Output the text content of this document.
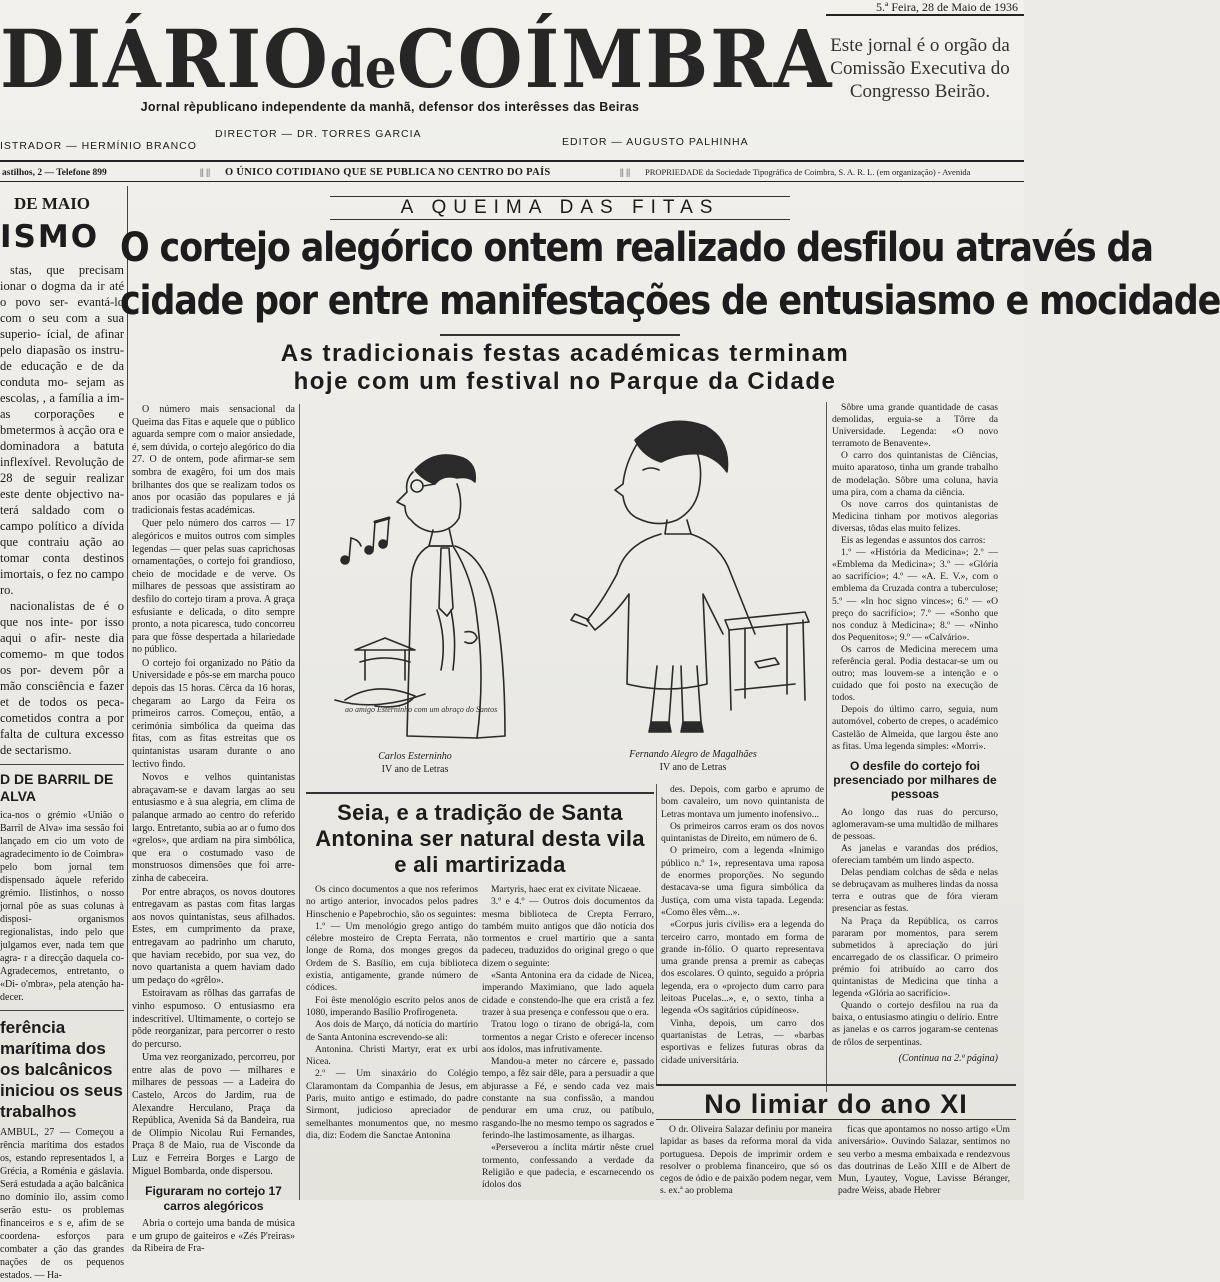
5.ª Feira, 28 de Maio de 1936
DIÁRIOdeCOÍMBRA
Este jornal é o orgão da Comissão Executiva do Congresso Beirão.
Jornal rèpublicano independente da manhã, defensor dos interêsses das Beiras
DIRECTOR — DR. TORRES GARCIA
ISTRADOR — HERMÍNIO BRANCO	EDITOR — AUGUSTO PALHINHA
astilhos, 2 — Telefone 899	|| || O ÚNICO COTIDIANO QUE SE PUBLICA NO CENTRO DO PAÍS	|| || PROPRIEDADE da Sociedade Tipográfica de Coimbra, S. A. R. L. (em organização) - Avenida
DE MAIO
ISMO

stas, que precisam ionar o dogma da ir até o povo ser- evantá-lo com o seu com a sua superio- ícial, de afinar pelo diapasão os instru- de educação e de da conduta mo- sejam as escolas, , a família a im- as corporações e bmetermos à acção ora e dominadora a batuta inflexível. Revolução de 28 de seguir realizar este dente objectivo na- terá saldado com o campo político a dívida que contraiu ação ao tomar conta destinos imortais, o fez no campo ro.

nacionalistas de é o que nos inte- por isso aqui o afir- neste dia comemo- m que todos os por- devem pôr a mão consciência e fazer et de todos os peca- cometidos contra a por falta de cultura excesso de sectarismo.

D DE BARRIL DE ALVA
ica-nos o grémio «União o Barril de Alva» ima sessão foi lançado em cio um voto de agradecimento io de Coimbra» pelo bom jornal tem dispensado àquele referido grémio. Ilistinhos, o nosso jornal pôe as suas colunas à disposi- organismos regionalistas, indo pelo que julgamos ever, nada tem que agra- r a direcção daquela co- Agradecemos, entretanto, o «Di- o'mbra», pela atenção ha- decer.
ferência marítima dos os balcânicos iniciou os seus trabalhos
AMBUL, 27 — Começou a rência marítima dos estados os, estando representados l, a Grécia, a Roménia e gáslavia. Será estudada a ação balcânica no domínio ilo, assim como serão estu- os problemas financeiros e s e, afim de se coordena- esforços para combater a ção das grandes nações de os pequenos estados. — Ha-
A QUEIMA DAS FITAS
O cortejo alegórico ontem realizado desfilou através da
cidade por entre manifestações de entusiasmo e mocidade
As tradicionais festas académicas terminam
hoje com um festival no Parque da Cidade

O número mais sensacional da Queima das Fitas e aquele que o público aguarda sempre com o maior ansiedade, é, sem dúvida, o cortejo alegórico do dia 27. O de ontem, pode afirmar-se sem sombra de exagêro, foi um dos mais brilhantes dos que se realizam todos os anos por ocasião das populares e já tradicionais festas académicas.

Quer pelo número dos carros — 17 alegóricos e muitos outros com simples legendas — quer pelas suas caprichosas ornamentações, o cortejo foi grandioso, cheio de mocidade e de verve. Os milhares de pessoas que assistiram ao desfilo do cortejo tiram a prova. A graça esfusiante e delicada, o dito sempre pronto, a nota picaresca, tudo concorreu para que fôsse despertada a hilariedade no público.

O cortejo foi organizado no Pátio da Universidade e pôs-se em marcha pouco depois das 15 horas. Cêrca da 16 horas, chegaram ao Largo da Feira os primeiros carros. Começou, então, a cerimónia simbólica da queima das fitas, com as fitas estreitas que os quintanistas usaram durante o ano lectivo findo.

Novos e velhos quintanistas abraçavam-se e davam largas ao seu entusiasmo e à sua alegria, em clima de palanque armado ao centro do referido largo. Entretanto, subia ao ar o fumo dos «grelos», que ardiam na pira simbólica, que era o costumado vaso de monstruosos dimensões que foi arre-zinha de cabeceira.

Por entre abraços, os novos doutores entregavam as pastas com fitas largas aos novos quintanistas, seus afilhados. Estes, em cumprimento da praxe, entregavam ao padrinho um charuto, que haviam recebido, por sua vez, do novo quartanista a quem haviam dado um pedaço do «grêlo».

Estoiravam as rôlhas das garrafas de vinho espumoso. O entusiasmo era indescritível. Ultimamente, o cortejo se pôde reorganizar, para percorrer o resto do percurso.

Uma vez reorganizado, percorreu, por entre alas de povo — milhares e milhares de pessoas — a Ladeira do Castelo, Arcos do Jardim, rua de Alexandre Herculano, Praça da República, Avenida Sá da Bandeira, rua de Olímpio Nicolau Rui Fernandes, Praça 8 de Maio, rua de Visconde da Luz e Ferreira Borges e Largo de Miguel Bombarda, onde dispersou.

Figuraram no cortejo 17 carros alegóricos

Abria o cortejo uma banda de música e um grupo de gaiteiros e «Zés P'reiras» da Ribeira de Fra-

ao amigo Esterninho com um abraço do Santos
Carlos Esterninho
IV ano de Letras
Fernando Alegro de Magalhães
IV ano de Letras
Seia, e a tradição de Santa Antonina ser natural desta vila e ali martirizada

Os cinco documentos a que nos referimos no artigo anterior, invocados pelos padres Hinschenio e Papebrochio, são os seguintes:

1.º — Um menológio grego antigo do célebre mosteiro de Crepta Ferrata, não longe de Roma, dos monges gregos da Ordem de S. Basílio, em cuja biblioteca existia, antigamente, grande número de códices.

Foi êste menológio escrito pelos anos de 1080, imperando Basílio Profirogeneta.

Aos dois de Março, dá notícia do martírio de Santa Antonina escrevendo-se ali:

Antonina. Christi Martyr, erat ex urbi Nicea.

2.º — Um sinaxário do Colégio Claramontam da Companhia de Jesus, em Paris, muito antigo e estimado, do padre Sirmont, judicioso apreciador de semelhantes monumentos que, no mesmo dia, diz: Eodem die Sanctae Antonina

Martyris, haec erat ex civitate Nicaeae.

3.º e 4.º — Outros dois documentos da mesma biblioteca de Crepta Ferraro, também muito antigos que dão notícia dos tormentos e cruel martírio que a santa padeceu, traduzidos do original grego o que dizem o seguinte:

«Santa Antonina era da cidade de Nicea, imperando Maximiano, que lado aquela cidade e constendo-lhe que era cristã a fez trazer à sua presença e confessou que o era.

Tratou logo o tirano de obrigá-la, com tormentos a negar Cristo e oferecer incenso aos ídolos, mas infrutivamente.

Mandou-a meter no cárcere e, passado tempo, a fêz sair dêle, para a persuadir a que abjurasse a Fé, e sendo cada vez mais constante na sua confissão, a mandou pendurar em uma cruz, ou patíbulo, rasgando-lhe no mesmo tempo os sagrados e ferindo-lhe lastimosamente, as ilhargas.

«Perseverou a ínclita mártir nêste cruel tormento, confessando a verdade da Religião e que padecia, e escarnecendo os ídolos dos

des. Depois, com garbo e aprumo de bom cavaleiro, um novo quintanista de Letras montava um jumento inofensivo...

Os primeiros carros eram os dos novos quintanistas de Direito, em número de 6.

O primeiro, com a legenda «Inimigo público n.º 1», representava uma raposa de enormes proporções. No segundo destacava-se uma figura simbólica da Justiça, com uma vista tapada. Legenda: «Como êles vêm...».

«Corpus juris civilis» era a legenda do terceiro carro, montado em forma de grande in-fólio. O quarto representava uma grande prensa a premir as cabeças dos escolares. O quinto, seguido a própria legenda, era o «projecto dum carro para leitoas Pucelas...», e, o sexto, tinha a legenda «Os sagitários cúpidíneos».

Vinha, depois, um carro dos quartanistas de Letras, — «barbas esportivas e felizes futuras obras da cidade universitária.

Sôbre uma grande quantidade de casas demolidas, erguia-se a Tôrre da Universidade. Legenda: «O novo terramoto de Benavente».

O carro dos quintanistas de Ciências, muito aparatoso, tinha um grande trabalho de modelação. Sôbre uma coluna, havia uma pira, com a chama da ciência.

Os nove carros dos quintanistas de Medicina tinham por motivos alegorias diversas, tôdas elas muito felizes.

Eis as legendas e assuntos dos carros:

1.º — «História da Medicina»; 2.º — «Emblema da Medicina»; 3.º — «Glória ao sacrifício»; 4.º — «A. E. V.», com o emblema da Cruzada contra a tuberculose; 5.º — «In hoc signo vinces»; 6.º — «O preço do sacrifício»; 7.º — «Sonho que nos conduz à Medicina»; 8.º — «Ninho dos Pequenitos»; 9.º — «Calvário».

Os carros de Medicina merecem uma referência geral. Podia destacar-se um ou outro; mas louvem-se a intenção e o cuidado que foi posto na execução de todos.

Depois do último carro, seguia, num automóvel, coberto de crepes, o académico Castelão de Almeida, que largou êste ano as fitas. Uma legenda simples: «Morri».

O desfile do cortejo foi presenciado por milhares de pessoas

Ao longo das ruas do percurso, aglomeravam-se uma multidão de milhares de pessoas.

As janelas e varandas dos prédios, ofereciam também um lindo aspecto.

Delas pendiam colchas de sêda e nelas se debruçavam as mulheres lindas da nossa terra e outras que de fóra vieram presenciar as festas.

Na Praça da República, os carros pararam por momentos, para serem submetidos à apreciação do júri encarregado de os classificar. O primeiro prémio foi atribuído ao carro dos quintanistas de Medicina que tinha a legenda «Glória ao sacrifício».

Quando o cortejo desfilou na rua da baixa, o entusiasmo atingiu o delírio. Entre as janelas e os carros jogaram-se centenas de rôlos de serpentinas.

(Continua na 2.ª página)
No limiar do ano XI

O dr. Oliveira Salazar definiu por maneira lapidar as bases da reforma moral da vida portuguesa. Depois de imprimir ordem e resolver o problema financeiro, que só os cegos de ódio e de paixão podem negar, vem s. ex.ª ao problema

ficas que apontamos no nosso artigo «Um aniversário». Ouvindo Salazar, sentimos no seu verbo a mesma embaixada e rendezvous das doutrinas de Leão XIII e de Albert de Mun, Lyautey, Vogue, Lavisse Béranger, padre Weiss, abade Hebrer
